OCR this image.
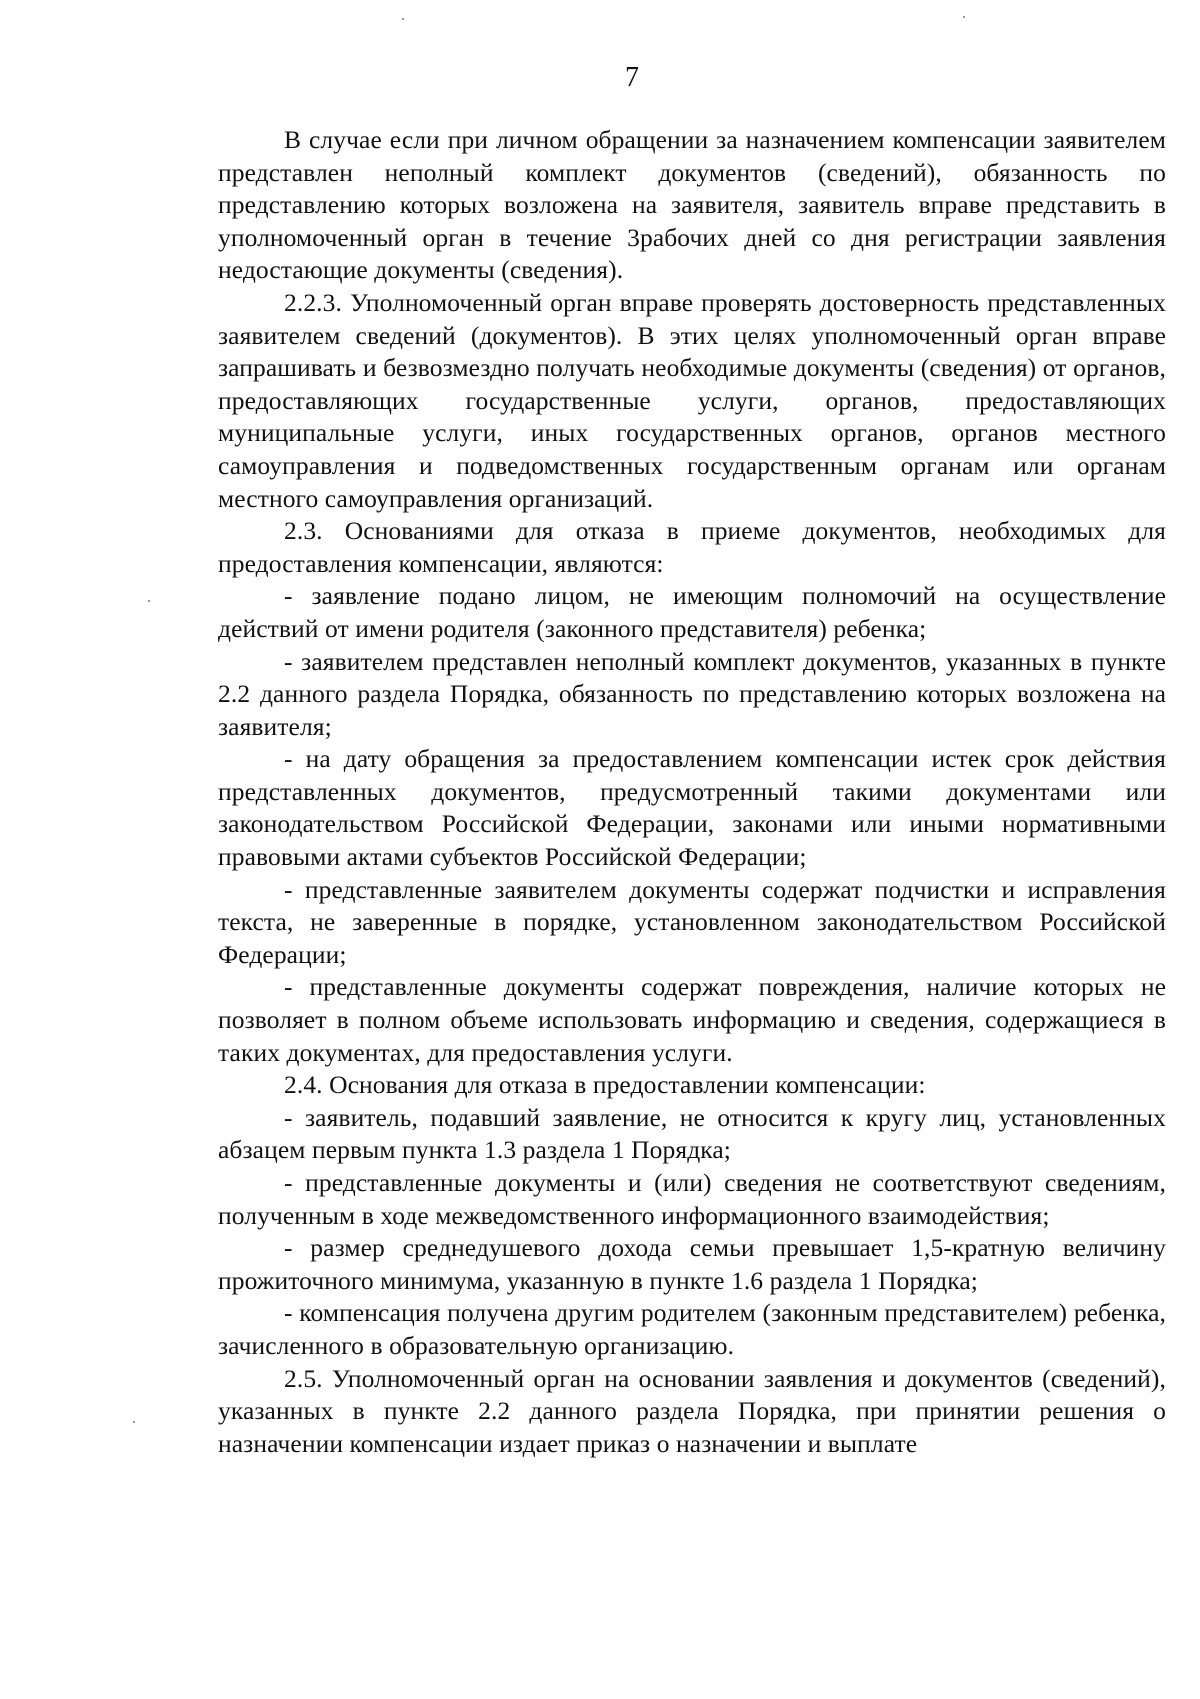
7

В случае если при личном обращении за назначением компенсации заявителем представлен неполный комплект документов (сведений), обязанность по представлению которых возложена на заявителя, заявитель вправе представить в уполномоченный орган в течение 3рабочих дней со дня регистрации заявления недостающие документы (сведения).

2.2.3. Уполномоченный орган вправе проверять достоверность представленных заявителем сведений (документов). В этих целях уполномоченный орган вправе запрашивать и безвозмездно получать необходимые документы (сведения) от органов, предоставляющих государственные услуги, органов, предоставляющих муниципальные услуги, иных государственных органов, органов местного самоуправления и подведомственных государственным органам или органам местного самоуправления организаций.

2.3. Основаниями для отказа в приеме документов, необходимых для предоставления компенсации, являются:

- заявление подано лицом, не имеющим полномочий на осуществление действий от имени родителя (законного представителя) ребенка;

- заявителем представлен неполный комплект документов, указанных в пункте 2.2 данного раздела Порядка, обязанность по представлению которых возложена на заявителя;

- на дату обращения за предоставлением компенсации истек срок действия представленных документов, предусмотренный такими документами или законодательством Российской Федерации, законами или иными нормативными правовыми актами субъектов Российской Федерации;

- представленные заявителем документы содержат подчистки и исправления текста, не заверенные в порядке, установленном законодательством Российской Федерации;

- представленные документы содержат повреждения, наличие которых не позволяет в полном объеме использовать информацию и сведения, содержащиеся в таких документах, для предоставления услуги.

2.4. Основания для отказа в предоставлении компенсации:

- заявитель, подавший заявление, не относится к кругу лиц, установленных абзацем первым пункта 1.3 раздела 1 Порядка;

- представленные документы и (или) сведения не соответствуют сведениям, полученным в ходе межведомственного информационного взаимодействия;

- размер среднедушевого дохода семьи превышает 1,5-кратную величину прожиточного минимума, указанную в пункте 1.6 раздела 1 Порядка;

- компенсация получена другим родителем (законным представителем) ребенка, зачисленного в образовательную организацию.

2.5. Уполномоченный орган на основании заявления и документов (сведений), указанных в пункте 2.2 данного раздела Порядка, при принятии решения о назначении компенсации издает приказ о назначении и выплате
